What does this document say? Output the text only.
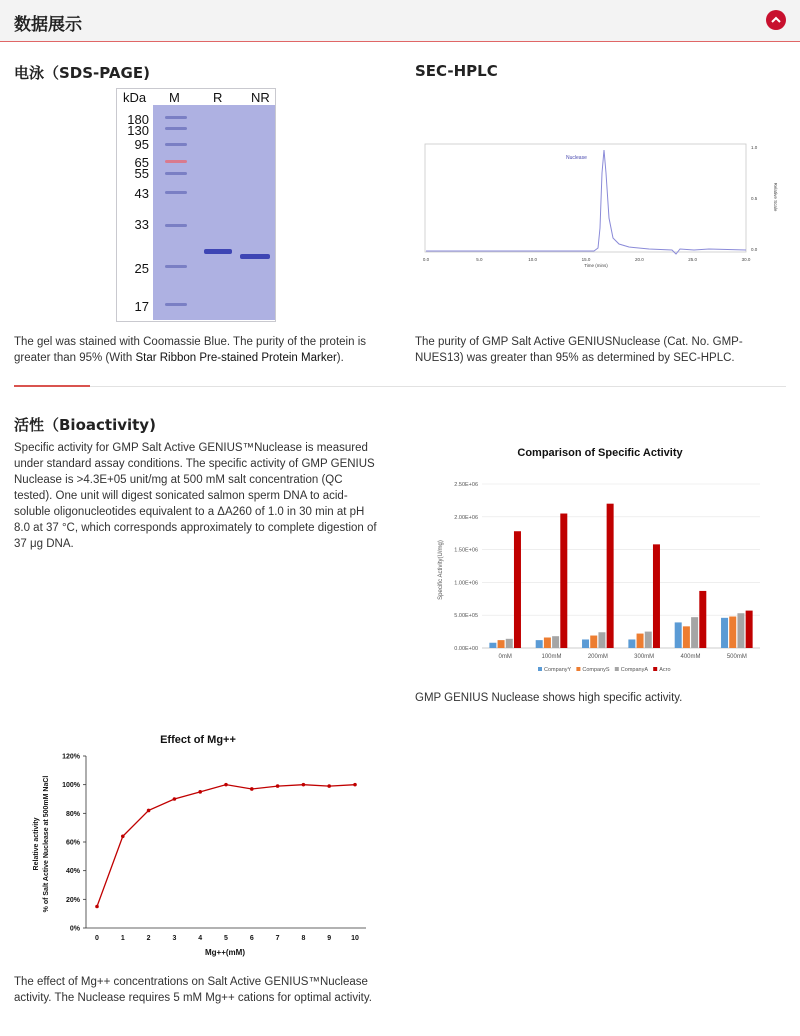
数据展示
电泳（SDS-PAGE)
kDa M	R NR
180
130
95
65
55
43
33
25
17
The gel was stained with Coomassie Blue. The purity of the protein is greater than 95% (With Star Ribbon Pre-stained Protein Marker).
SEC-HPLC
Nuclease
0.0	5.0	10.0	15.0	20.0	25.0	30.0
1.0
0.5
0.0
Time (mins)
Relative Scale
The purity of GMP Salt Active GENIUSNuclease (Cat. No. GMP-NUES13) was greater than 95% as determined by SEC-HPLC.
活性（Bioactivity)
Specific activity for GMP Salt Active GENIUS™Nuclease is measured under standard assay conditions. The specific activity of GMP GENIUS Nuclease is >4.3E+05 unit/mg at 500 mM salt concentration (QC tested). One unit will digest sonicated salmon sperm DNA to acid-soluble oligonucleotides equivalent to a ΔA260 of 1.0 in 30 min at pH 8.0 at 37 °C, which corresponds approximately to complete digestion of 37 μg DNA.
Comparison of Specific Activity
Specific Activity(U/mg)
0.00E+00
5.00E+05
1.00E+06
1.50E+06
2.00E+06
2.50E+06
0mM	100mM	200mM	300mM	400mM	500mM
CompanyY CompanyS CompanyA Acro
GMP GENIUS Nuclease shows high specific activity.
Effect of Mg++
Relative activity % of Salt Active Nuclease at 500mM NaCl
Mg++(mM)
0%
20%
40%
60%
80%
100%
120%
0	1	2	3	4	5	6	7	8	9	10
The effect of Mg++ concentrations on Salt Active GENIUS™Nuclease activity. The Nuclease requires 5 mM Mg++ cations for optimal activity.
